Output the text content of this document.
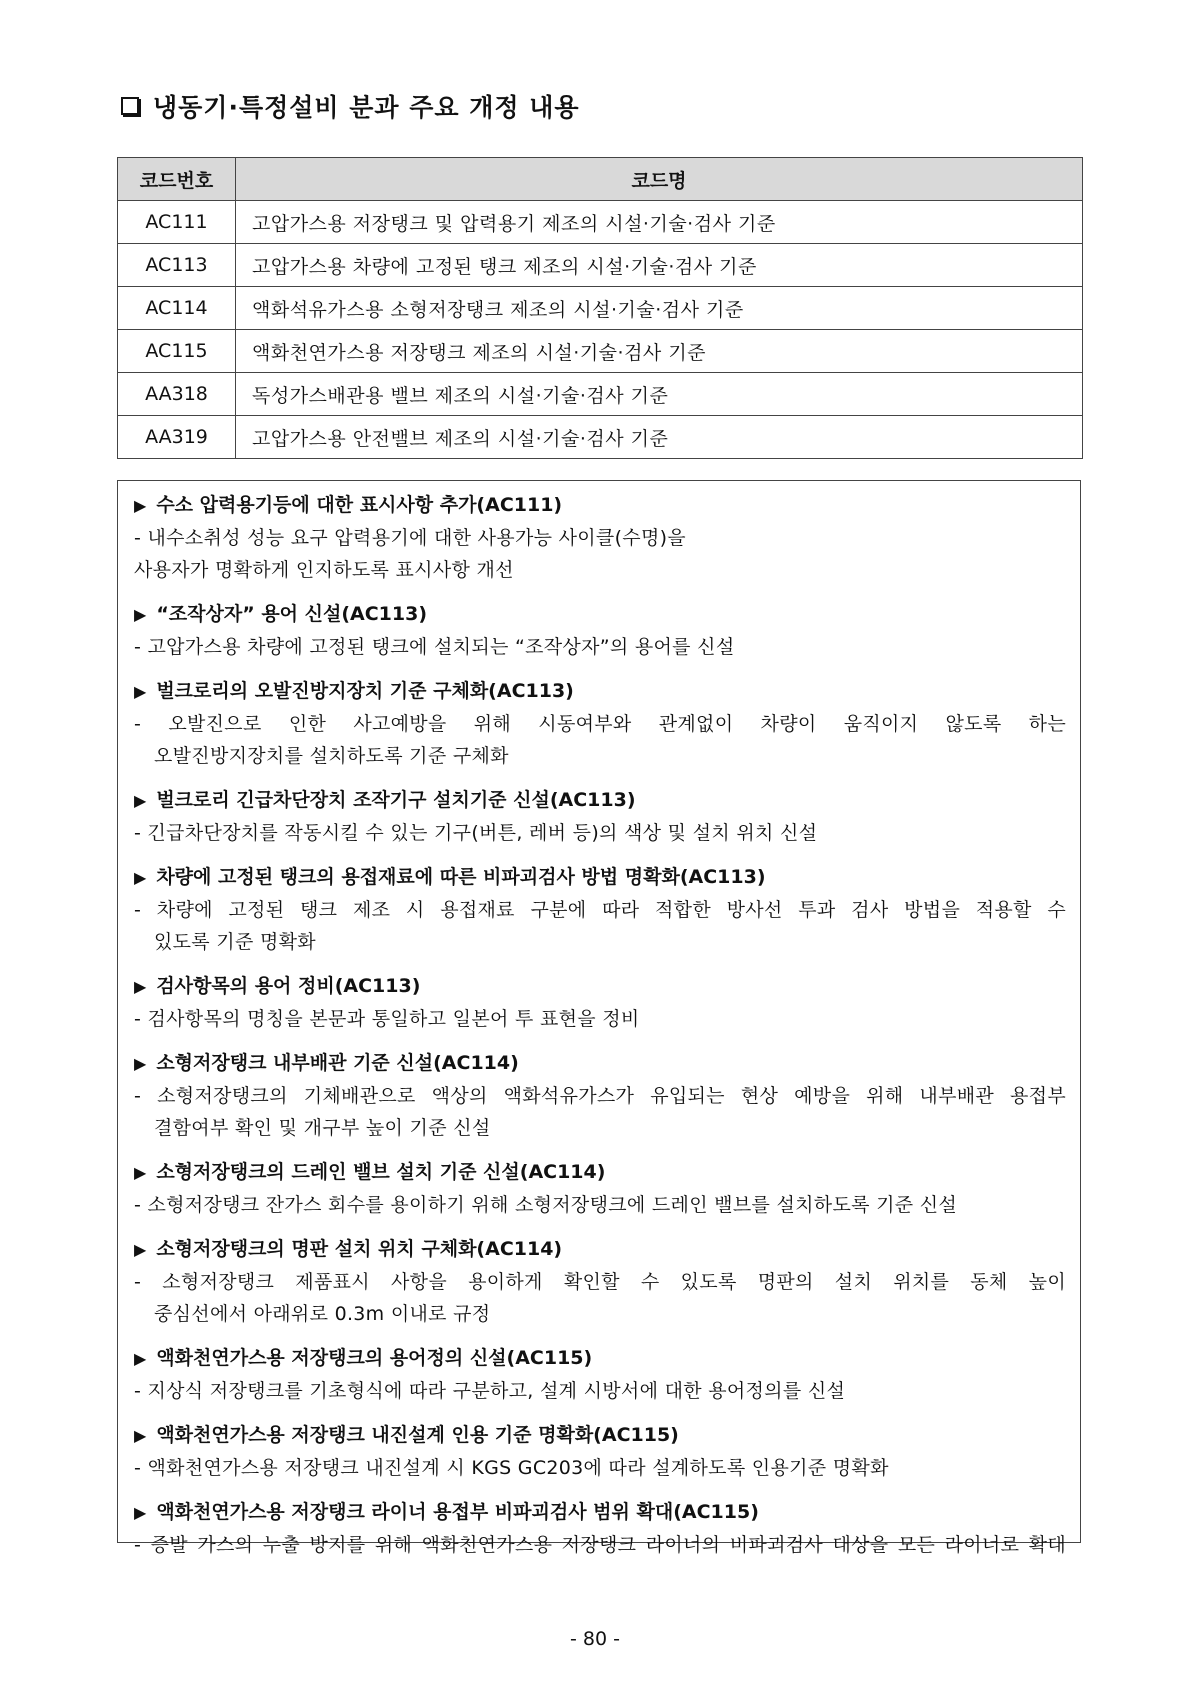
냉동기·특정설비 분과 주요 개정 내용
코드번호	코드명
AC111	고압가스용 저장탱크 및 압력용기 제조의 시설·기술·검사 기준
AC113	고압가스용 차량에 고정된 탱크 제조의 시설·기술·검사 기준
AC114	액화석유가스용 소형저장탱크 제조의 시설·기술·검사 기준
AC115	액화천연가스용 저장탱크 제조의 시설·기술·검사 기준
AA318	독성가스배관용 밸브 제조의 시설·기술·검사 기준
AA319	고압가스용 안전밸브 제조의 시설·기술·검사 기준
▶ 수소 압력용기등에 대한 표시사항 추가(AC111)
- 내수소취성 성능 요구 압력용기에 대한 사용가능 사이클(수명)을
사용자가 명확하게 인지하도록 표시사항 개선
▶ “조작상자” 용어 신설(AC113)
- 고압가스용 차량에 고정된 탱크에 설치되는 “조작상자”의 용어를 신설
▶ 벌크로리의 오발진방지장치 기준 구체화(AC113)
- 오발진으로 인한 사고예방을 위해 시동여부와 관계없이 차량이 움직이지 않도록 하는
오발진방지장치를 설치하도록 기준 구체화
▶ 벌크로리 긴급차단장치 조작기구 설치기준 신설(AC113)
- 긴급차단장치를 작동시킬 수 있는 기구(버튼, 레버 등)의 색상 및 설치 위치 신설
▶ 차량에 고정된 탱크의 용접재료에 따른 비파괴검사 방법 명확화(AC113)
- 차량에 고정된 탱크 제조 시 용접재료 구분에 따라 적합한 방사선 투과 검사 방법을 적용할 수
있도록 기준 명확화
▶ 검사항목의 용어 정비(AC113)
- 검사항목의 명칭을 본문과 통일하고 일본어 투 표현을 정비
▶ 소형저장탱크 내부배관 기준 신설(AC114)
- 소형저장탱크의 기체배관으로 액상의 액화석유가스가 유입되는 현상 예방을 위해 내부배관 용접부
결함여부 확인 및 개구부 높이 기준 신설
▶ 소형저장탱크의 드레인 밸브 설치 기준 신설(AC114)
- 소형저장탱크 잔가스 회수를 용이하기 위해 소형저장탱크에 드레인 밸브를 설치하도록 기준 신설
▶ 소형저장탱크의 명판 설치 위치 구체화(AC114)
- 소형저장탱크 제품표시 사항을 용이하게 확인할 수 있도록 명판의 설치 위치를 동체 높이
중심선에서 아래위로 0.3m 이내로 규정
▶ 액화천연가스용 저장탱크의 용어정의 신설(AC115)
- 지상식 저장탱크를 기초형식에 따라 구분하고, 설계 시방서에 대한 용어정의를 신설
▶ 액화천연가스용 저장탱크 내진설계 인용 기준 명확화(AC115)
- 액화천연가스용 저장탱크 내진설계 시 KGS GC203에 따라 설계하도록 인용기준 명확화
▶ 액화천연가스용 저장탱크 라이너 용접부 비파괴검사 범위 확대(AC115)
- 증발 가스의 누출 방지를 위해 액화천연가스용 저장탱크 라이너의 비파괴검사 대상을 모든 라이너로 확대
- 80 -
